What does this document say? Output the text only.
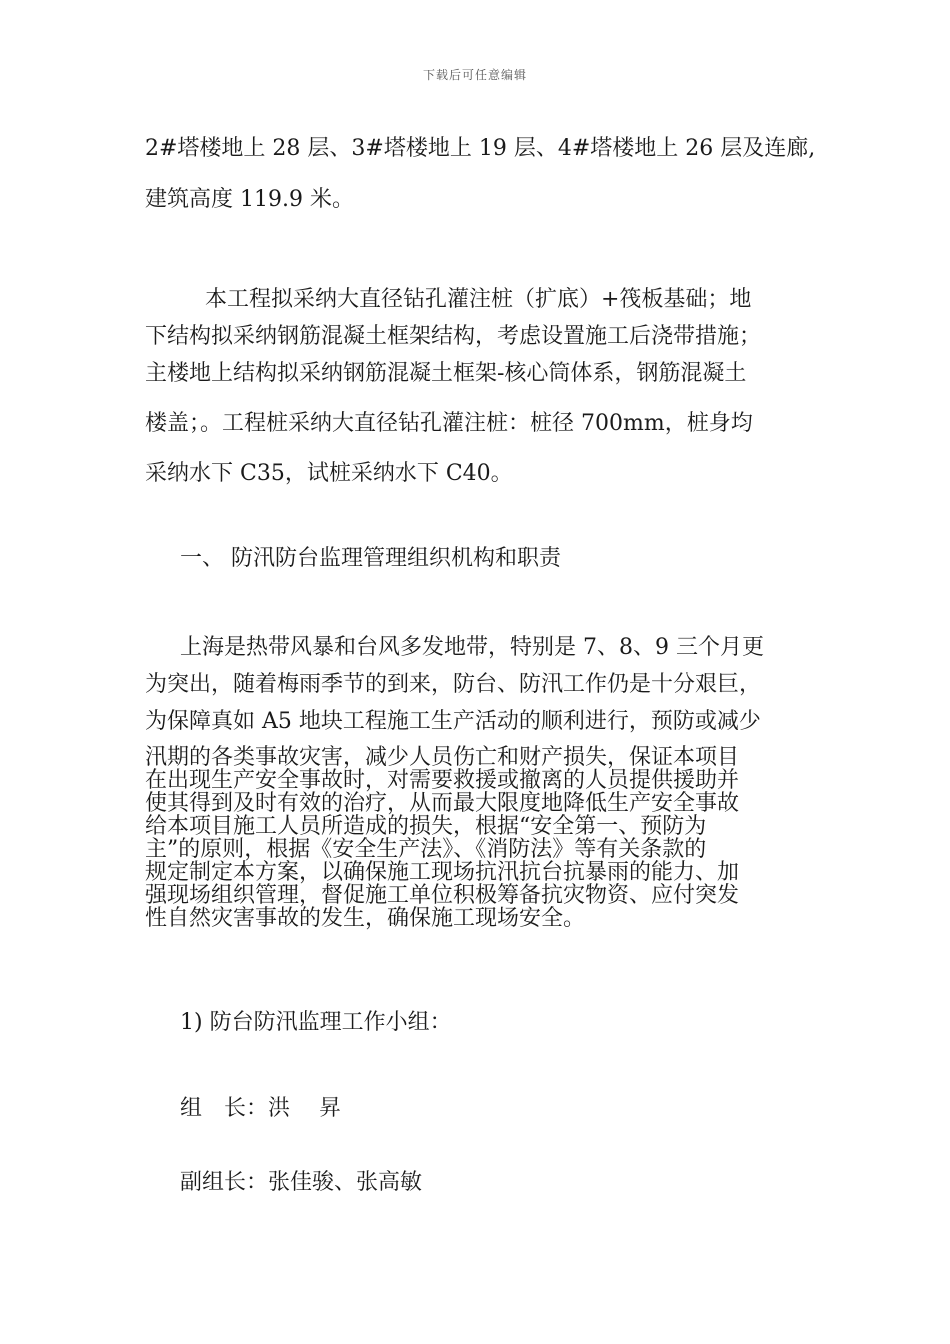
下载后可任意编辑
2#塔楼地上 28 层、3#塔楼地上 19 层、4#塔楼地上 26 层及连廊,
建筑高度 119.9 米。
本工程拟采纳大直径钻孔灌注桩（扩底）+筏板基础；地
下结构拟采纳钢筋混凝土框架结构，考虑设置施工后浇带措施；
主楼地上结构拟采纳钢筋混凝土框架-核心筒体系，钢筋混凝土
楼盖；。工程桩采纳大直径钻孔灌注桩：桩径 700mm，桩身均
采纳水下 C35，试桩采纳水下 C40。
一、 防汛防台监理管理组织机构和职责
上海是热带风暴和台风多发地带，特别是 7、8、9 三个月更
为突出，随着梅雨季节的到来，防台、防汛工作仍是十分艰巨，
为保障真如 A5 地块工程施工生产活动的顺利进行，预防或减少
汛期的各类事故灾害，减少人员伤亡和财产损失，保证本项目
在出现生产安全事故时，对需要救援或撤离的人员提供援助并
使其得到及时有效的治疗，从而最大限度地降低生产安全事故
给本项目施工人员所造成的损失，根据“安全第一、预防为
主”的原则，根据《安全生产法》、《消防法》等有关条款的
规定制定本方案，以确保施工现场抗汛抗台抗暴雨的能力、加
强现场组织管理，督促施工单位积极筹备抗灾物资、应付突发
性自然灾害事故的发生，确保施工现场安全。
1) 防台防汛监理工作小组：
组　长：洪　 昇
副组长：张佳骏、张高敏
